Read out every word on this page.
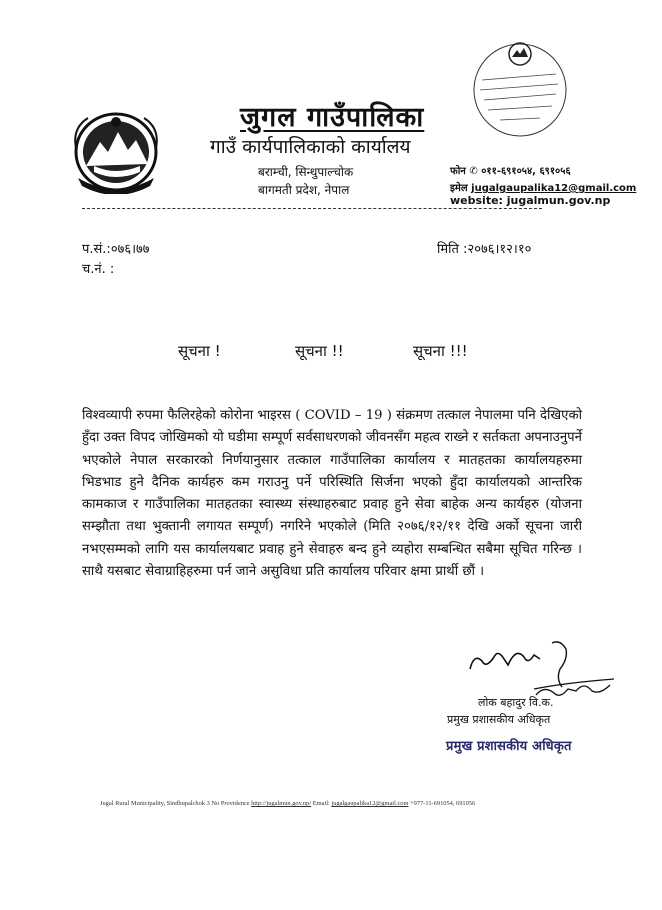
जुगल गाउँपालिका
गाउँ कार्यपालिकाको कार्यालय
बराम्ची, सिन्धुपाल्चोक
बागमती प्रदेश, नेपाल
फोन ✆ ०११-६९१०५४, ६९१०५६
इमेल jugalgaupalika12@gmail.com
website: jugalmun.gov.np
प.सं.:०७६।७७
च.नं. :
मिति :२०७६।१२।१०
सूचना !	सूचना !!	सूचना !!!
विश्वव्यापी रुपमा फैलिरहेको कोरोना भाइरस ( COVID – 19 ) संक्रमण तत्काल नेपालमा पनि देखिएको हुँदा उक्त विपद जोखिमको यो घडीमा सम्पूर्ण सर्वसाधरणको जीवनसँग महत्व राख्ने र सर्तकता अपनाउनुपर्ने भएकोले नेपाल सरकारको निर्णयानुसार तत्काल गाउँपालिका कार्यालय र मातहतका कार्यालयहरुमा भिडभाड हुने दैनिक कार्यहरु कम गराउनु पर्ने परिस्थिति सिर्जना भएको हुँदा कार्यालयको आन्तरिक कामकाज र गाउँपालिका मातहतका स्वास्थ्य संस्थाहरुबाट प्रवाह हुने सेवा बाहेक अन्य कार्यहरु (योजना सम्झौता तथा भुक्तानी लगायत सम्पूर्ण) नगरिने भएकोले (मिति २०७६/१२/११ देखि अर्को सूचना जारी नभएसम्मको लागि यस कार्यालयबाट प्रवाह हुने सेवाहरु बन्द हुने व्यहोरा सम्बन्धित सबैमा सूचित गरिन्छ । साथै यसबाट सेवाग्राहिहरुमा पर्न जाने असुविधा प्रति कार्यालय परिवार क्षमा प्रार्थी छौं ।
लोक बहादुर वि.क.
प्रमुख प्रशासकीय अधिकृत
प्रमुख प्रशासकीय अधिकृत
Jugal Rural Municipality, Sindhupalchok 3 No Providence http://jugalmun.gov.np/ Email: jugalgaupalika12@gmail.com +977-11-691054, 691056
